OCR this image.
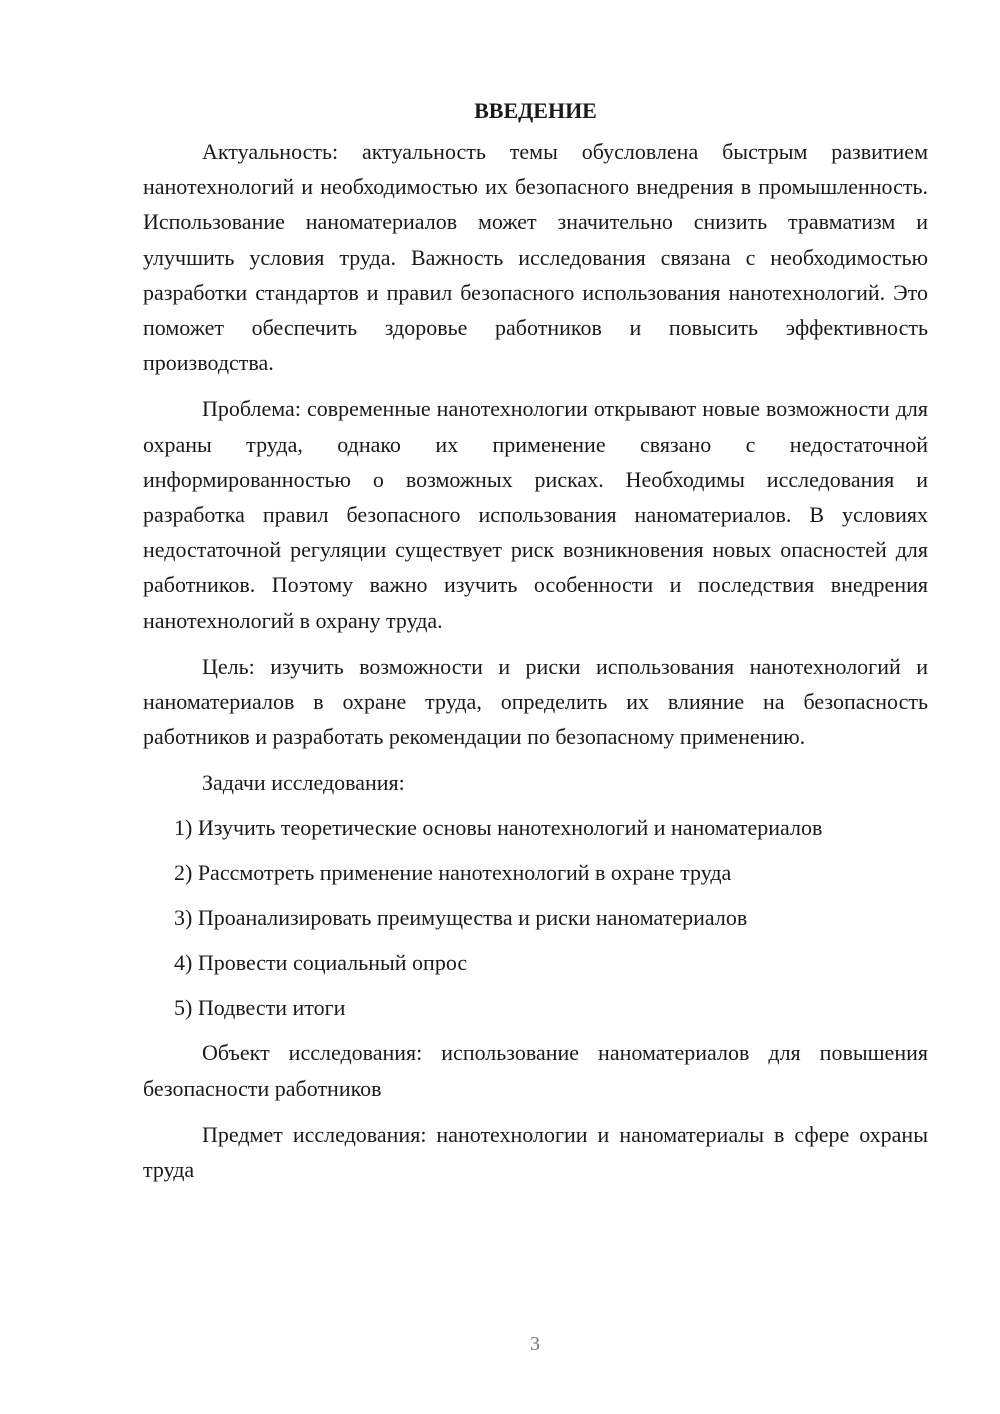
ВВЕДЕНИЕ

Актуальность: актуальность темы обусловлена быстрым развитием нанотехнологий и необходимостью их безопасного внедрения в промышленность. Использование наноматериалов может значительно снизить травматизм и улучшить условия труда. Важность исследования связана с необходимостью разработки стандартов и правил безопасного использования нанотехнологий. Это поможет обеспечить здоровье работников и повысить эффективность производства.

Проблема: современные нанотехнологии открывают новые возможности для охраны труда, однако их применение связано с недостаточной информированностью о возможных рисках. Необходимы исследования и разработка правил безопасного использования наноматериалов. В условиях недостаточной регуляции существует риск возникновения новых опасностей для работников. Поэтому важно изучить особенности и последствия внедрения нанотехнологий в охрану труда.

Цель: изучить возможности и риски использования нанотехнологий и наноматериалов в охране труда, определить их влияние на безопасность работников и разработать рекомендации по безопасному применению.

Задачи исследования:
1) Изучить теоретические основы нанотехнологий и наноматериалов
2) Рассмотреть применение нанотехнологий в охране труда
3) Проанализировать преимущества и риски наноматериалов
4) Провести социальный опрос
5) Подвести итоги

Объект исследования: использование наноматериалов для повышения безопасности работников

Предмет исследования: нанотехнологии и наноматериалы в сфере охраны труда

3
